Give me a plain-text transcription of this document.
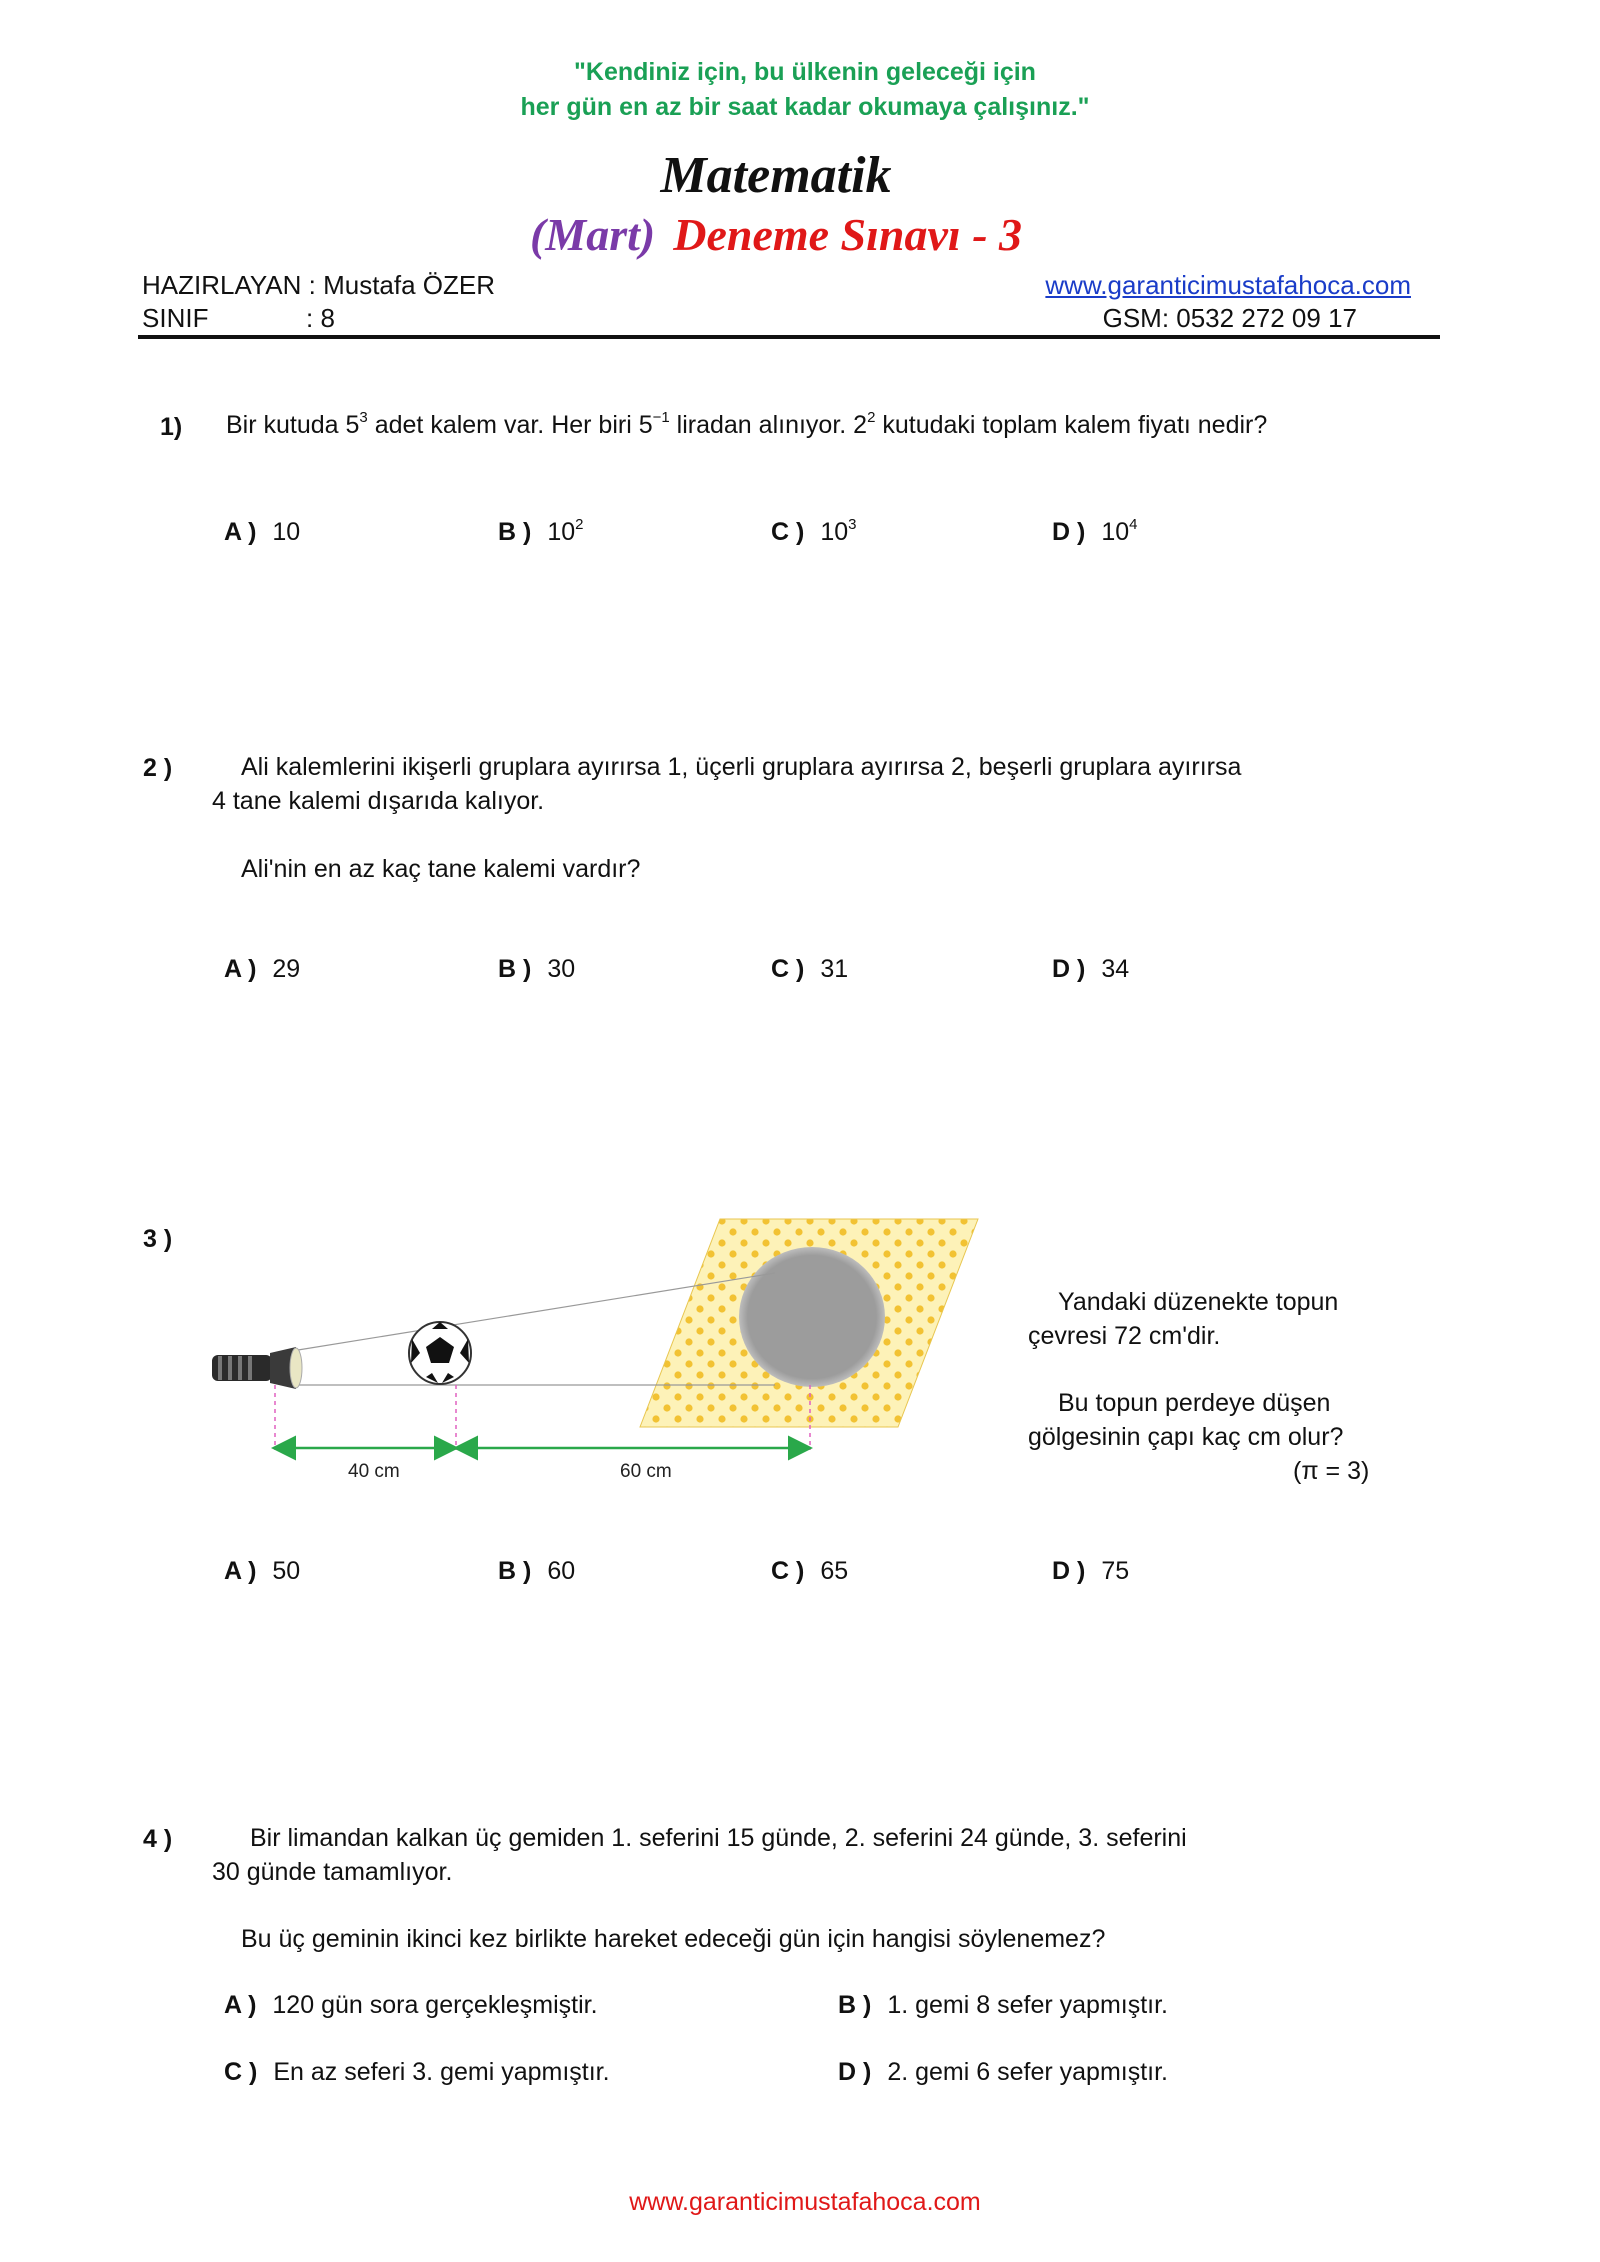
"Kendiniz için, bu ülkenin geleceği için
her gün en az bir saat kadar okumaya çalışınız."
Matematik
(Mart) Deneme Sınavı - 3
HAZIRLAYAN : Mustafa ÖZER
SINIF	: 8
www.garanticimustafahoca.com
GSM: 0532 272 09 17
1) Bir kutuda $5^3$ adet kalem var. Her biri $5^{-1}$ liradan alınıyor. $2^2$ kutudaki toplam kalem fiyatı nedir?
A ) 10	B ) $10^2$	C ) $10^3$	D ) $10^4$
2 )	Ali kalemlerini ikişerli gruplara ayırırsa 1, üçerli gruplara ayırırsa 2, beşerli gruplara ayırırsa
4 tane kalemi dışarıda kalıyor.
Ali'nin en az kaç tane kalemi vardır?
A ) 29	B ) 30	C ) 31	D ) 34
3 )
40 cm	60 cm
Yandaki düzenekte topun
çevresi 72 cm'dir.
Bu topun perdeye düşen
gölgesinin çapı kaç cm olur?
(π = 3)
A ) 50	B ) 60	C ) 65	D ) 75
4 )	Bir limandan kalkan üç gemiden 1. seferini 15 günde, 2. seferini 24 günde, 3. seferini
30 günde tamamlıyor.
Bu üç geminin ikinci kez birlikte hareket edeceği gün için hangisi söylenemez?
A ) 120 gün sora gerçekleşmiştir.	B ) 1. gemi 8 sefer yapmıştır.
C ) En az seferi 3. gemi yapmıştır.	D ) 2. gemi 6 sefer yapmıştır.
www.garanticimustafahoca.com
